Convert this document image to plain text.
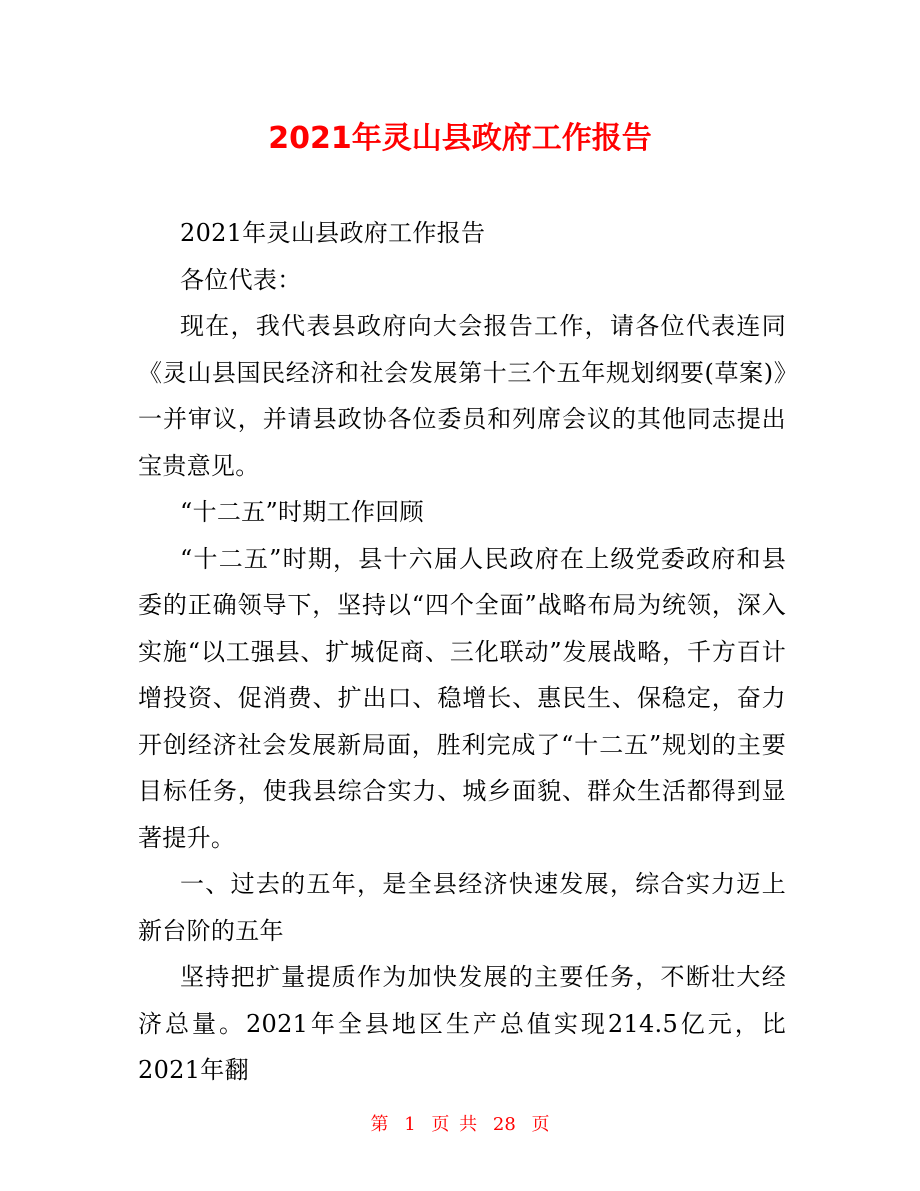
2021年灵山县政府工作报告

2021年灵山县政府工作报告

各位代表：

现在，我代表县政府向大会报告工作，请各位代表连同《灵山县国民经济和社会发展第十三个五年规划纲要(草案)》一并审议，并请县政协各位委员和列席会议的其他同志提出宝贵意见。

“十二五”时期工作回顾

“十二五”时期，县十六届人民政府在上级党委政府和县委的正确领导下，坚持以“四个全面”战略布局为统领，深入实施“以工强县、扩城促商、三化联动”发展战略，千方百计增投资、促消费、扩出口、稳增长、惠民生、保稳定，奋力开创经济社会发展新局面，胜利完成了“十二五”规划的主要目标任务，使我县综合实力、城乡面貌、群众生活都得到显著提升。

一、过去的五年，是全县经济快速发展，综合实力迈上新台阶的五年

坚持把扩量提质作为加快发展的主要任务，不断壮大经济总量。2021年全县地区生产总值实现214.5亿元，比2021年翻

第 1 页 共 28 页
